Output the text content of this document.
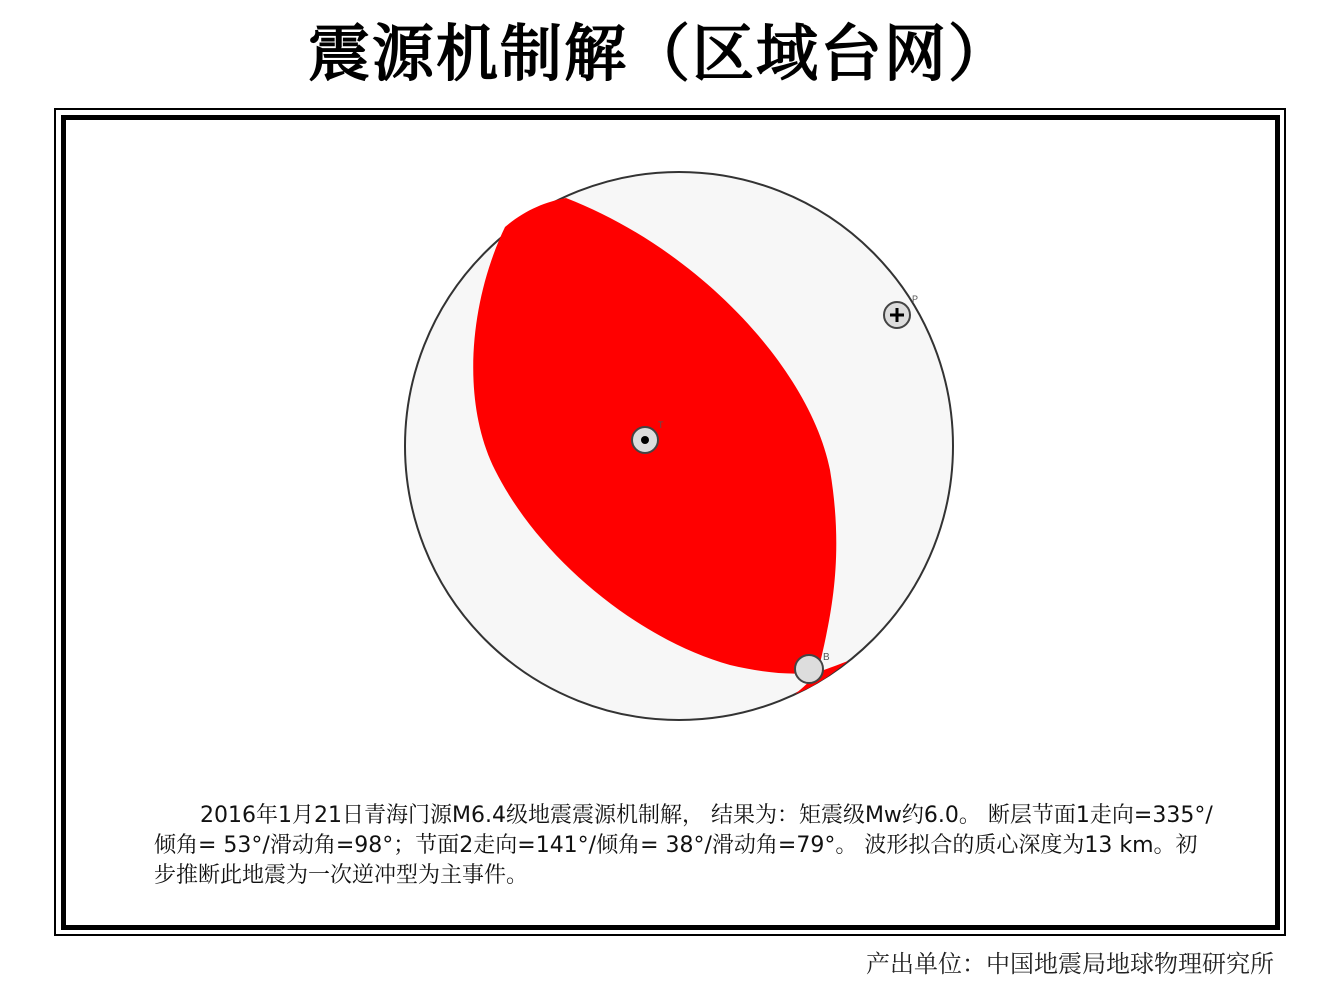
震源机制解（区域台网）
P
T
B
2016年1月21日青海门源M6.4级地震震源机制解， 结果为：矩震级Mw约6.0。 断层节面1走向=335°/倾角= 53°/滑动角=98°；节面2走向=141°/倾角= 38°/滑动角=79°。 波形拟合的质心深度为13 km。初步推断此地震为一次逆冲型为主事件。
产出单位：中国地震局地球物理研究所
